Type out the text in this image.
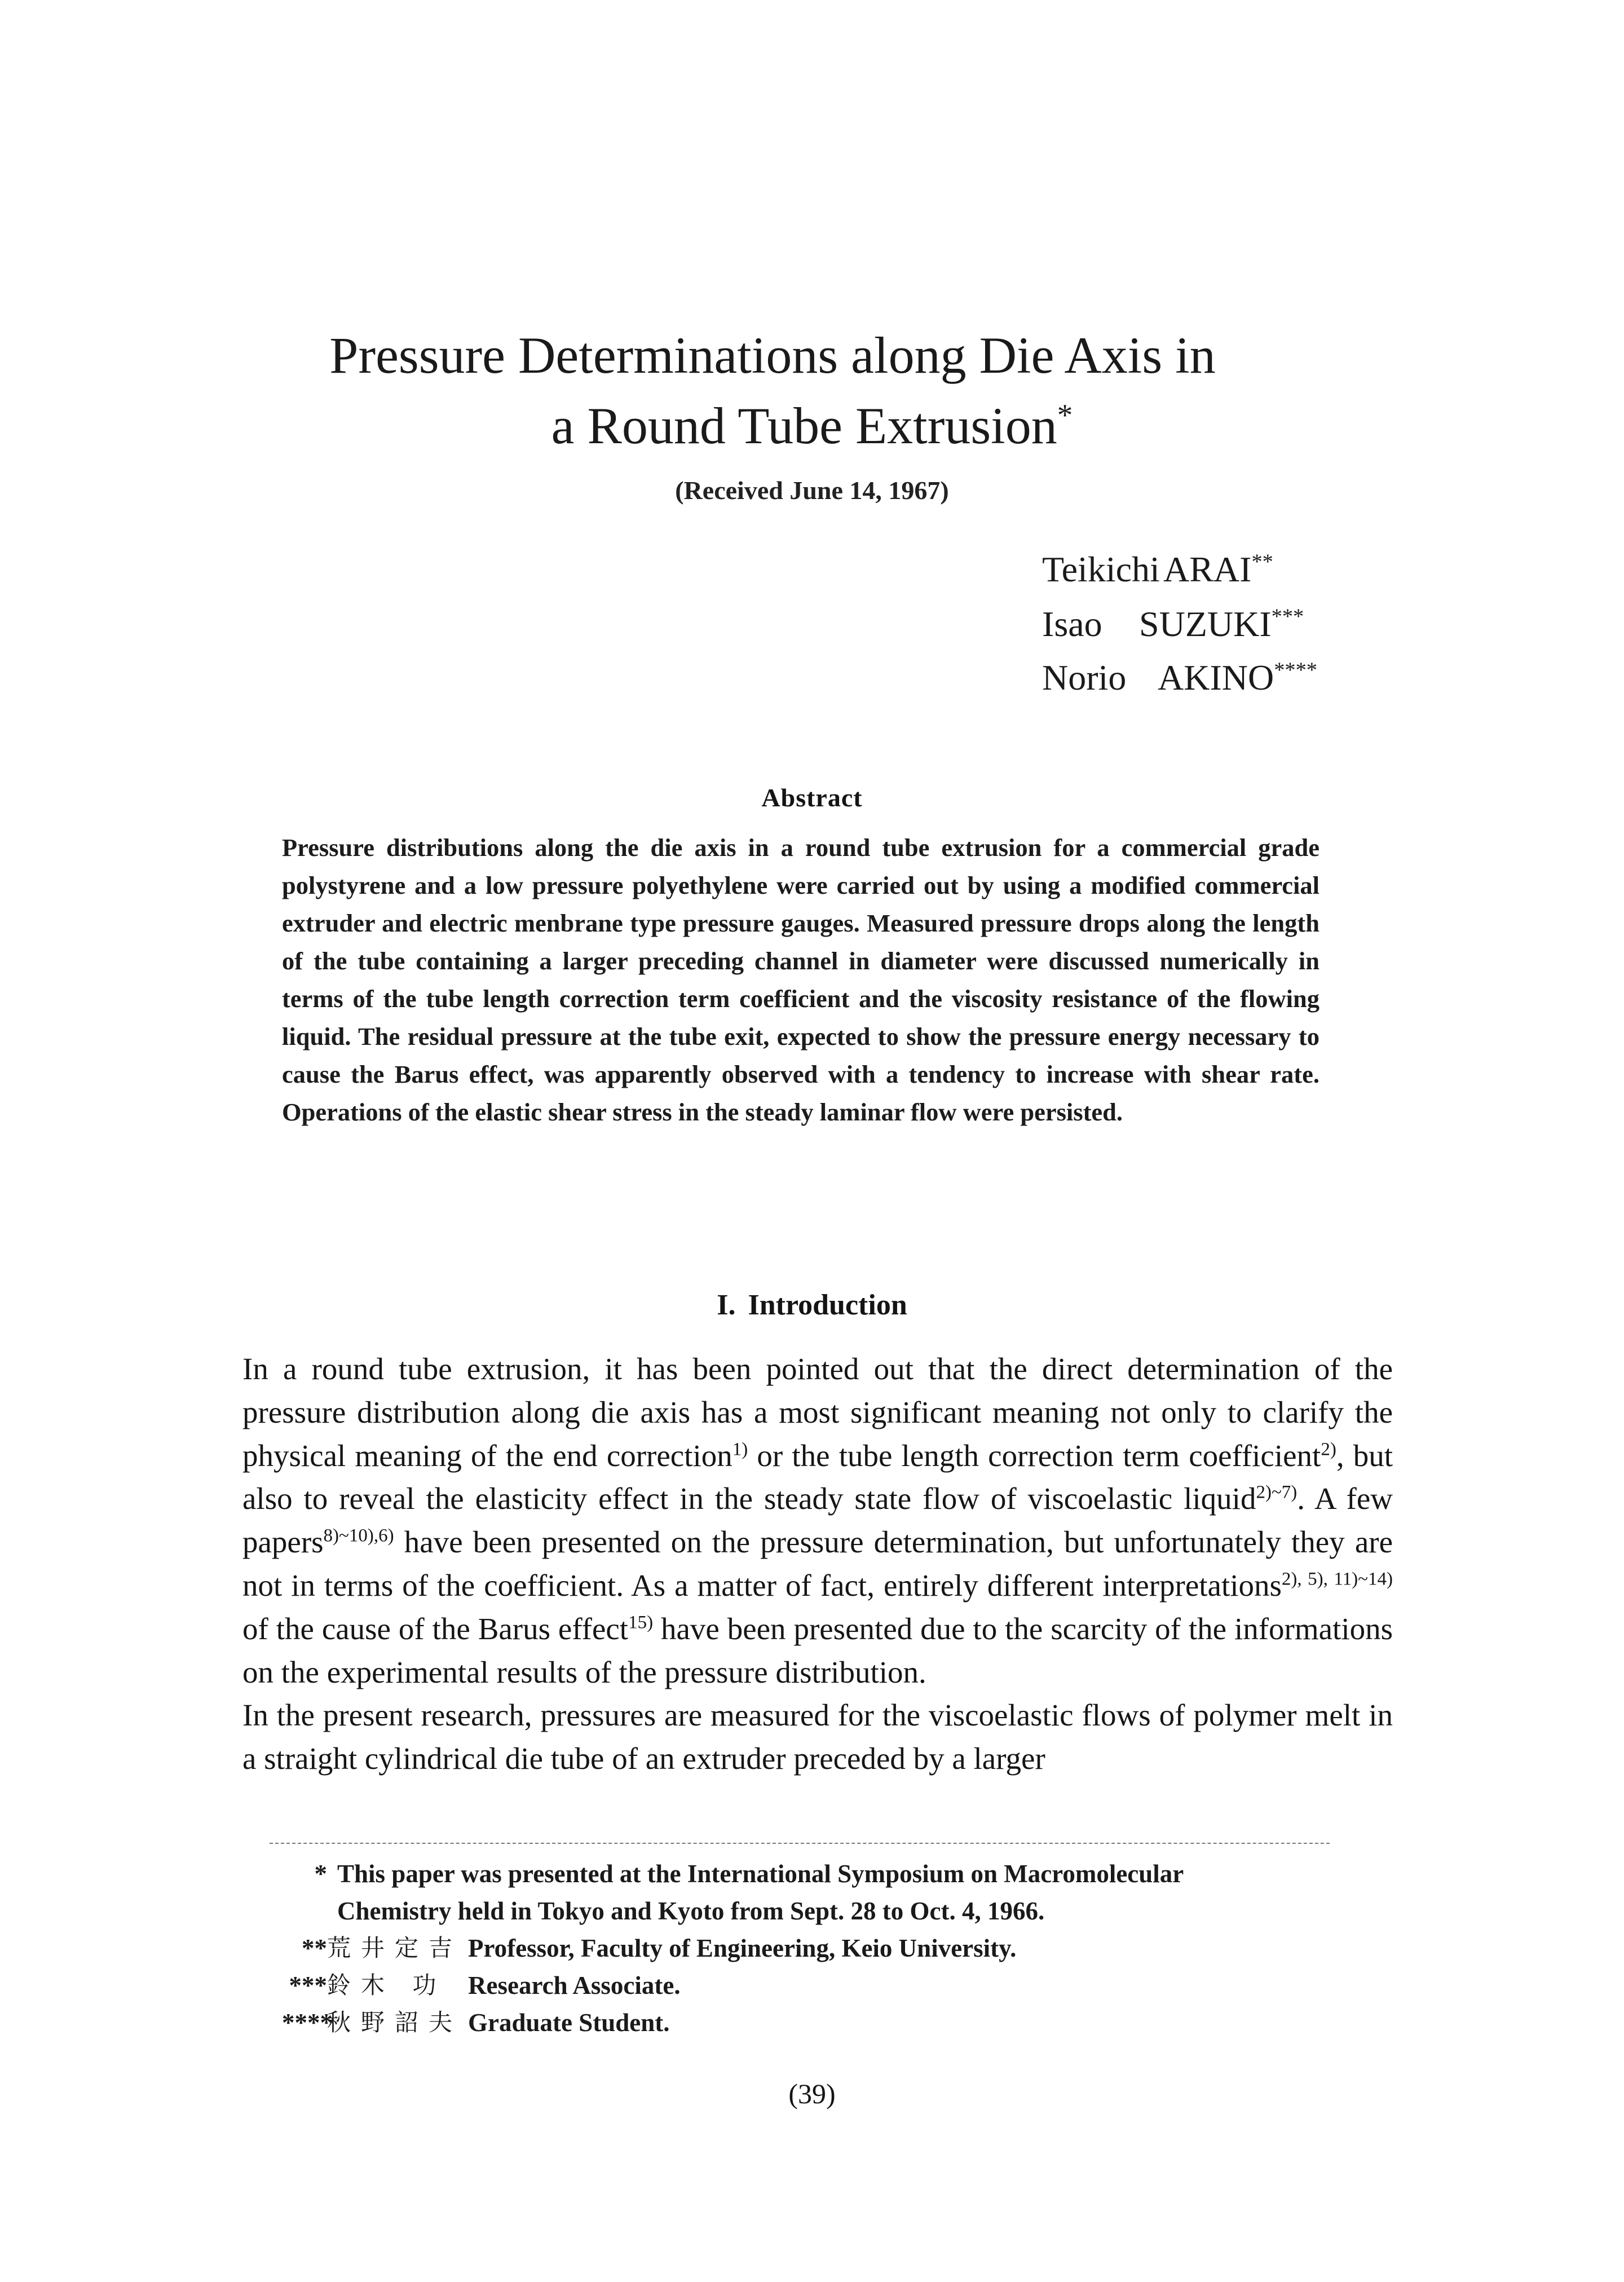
Pressure Determinations along Die Axis in
a Round Tube Extrusion*
(Received June 14, 1967)
Teikichi ARAI**
Isao SUZUKI***
Norio AKINO****
Abstract
Pressure distributions along the die axis in a round tube extrusion for a commercial grade polystyrene and a low pressure polyethylene were carried out by using a modified commercial extruder and electric menbrane type pressure gauges. Measured pressure drops along the length of the tube containing a larger preceding channel in diameter were discussed numerically in terms of the tube length correction term coefficient and the viscosity resistance of the flowing liquid. The residual pressure at the tube exit, expected to show the pressure energy necessary to cause the Barus effect, was apparently observed with a tendency to increase with shear rate. Operations of the elastic shear stress in the steady laminar flow were persisted.
I. Introduction

In a round tube extrusion, it has been pointed out that the direct determination of the pressure distribution along die axis has a most significant meaning not only to clarify the physical meaning of the end correction$^{1)}$ or the tube length correction term coefficient$^{2)}$, but also to reveal the elasticity effect in the steady state flow of viscoelastic liquid$^{2)\sim 7)}$. A few papers$^{8)\sim 10),6)}$ have been presented on the pressure determination, but unfortunately they are not in terms of the coefficient. As a matter of fact, entirely different interpretations$^{2), 5), 11)\sim 14)}$ of the cause of the Barus effect$^{15)}$ have been presented due to the scarcity of the informations on the experimental results of the pressure distribution.

In the present research, pressures are measured for the viscoelastic flows of polymer melt in a straight cylindrical die tube of an extruder preceded by a larger

* This paper was presented at the International Symposium on Macromolecular
Chemistry held in Tokyo and Kyoto from Sept. 28 to Oct. 4, 1966.
** 荒井定吉 Professor, Faculty of Engineering, Keio University.
*** 鈴木 功 Research Associate.
****
秋野詔夫 Graduate Student.
(39)
